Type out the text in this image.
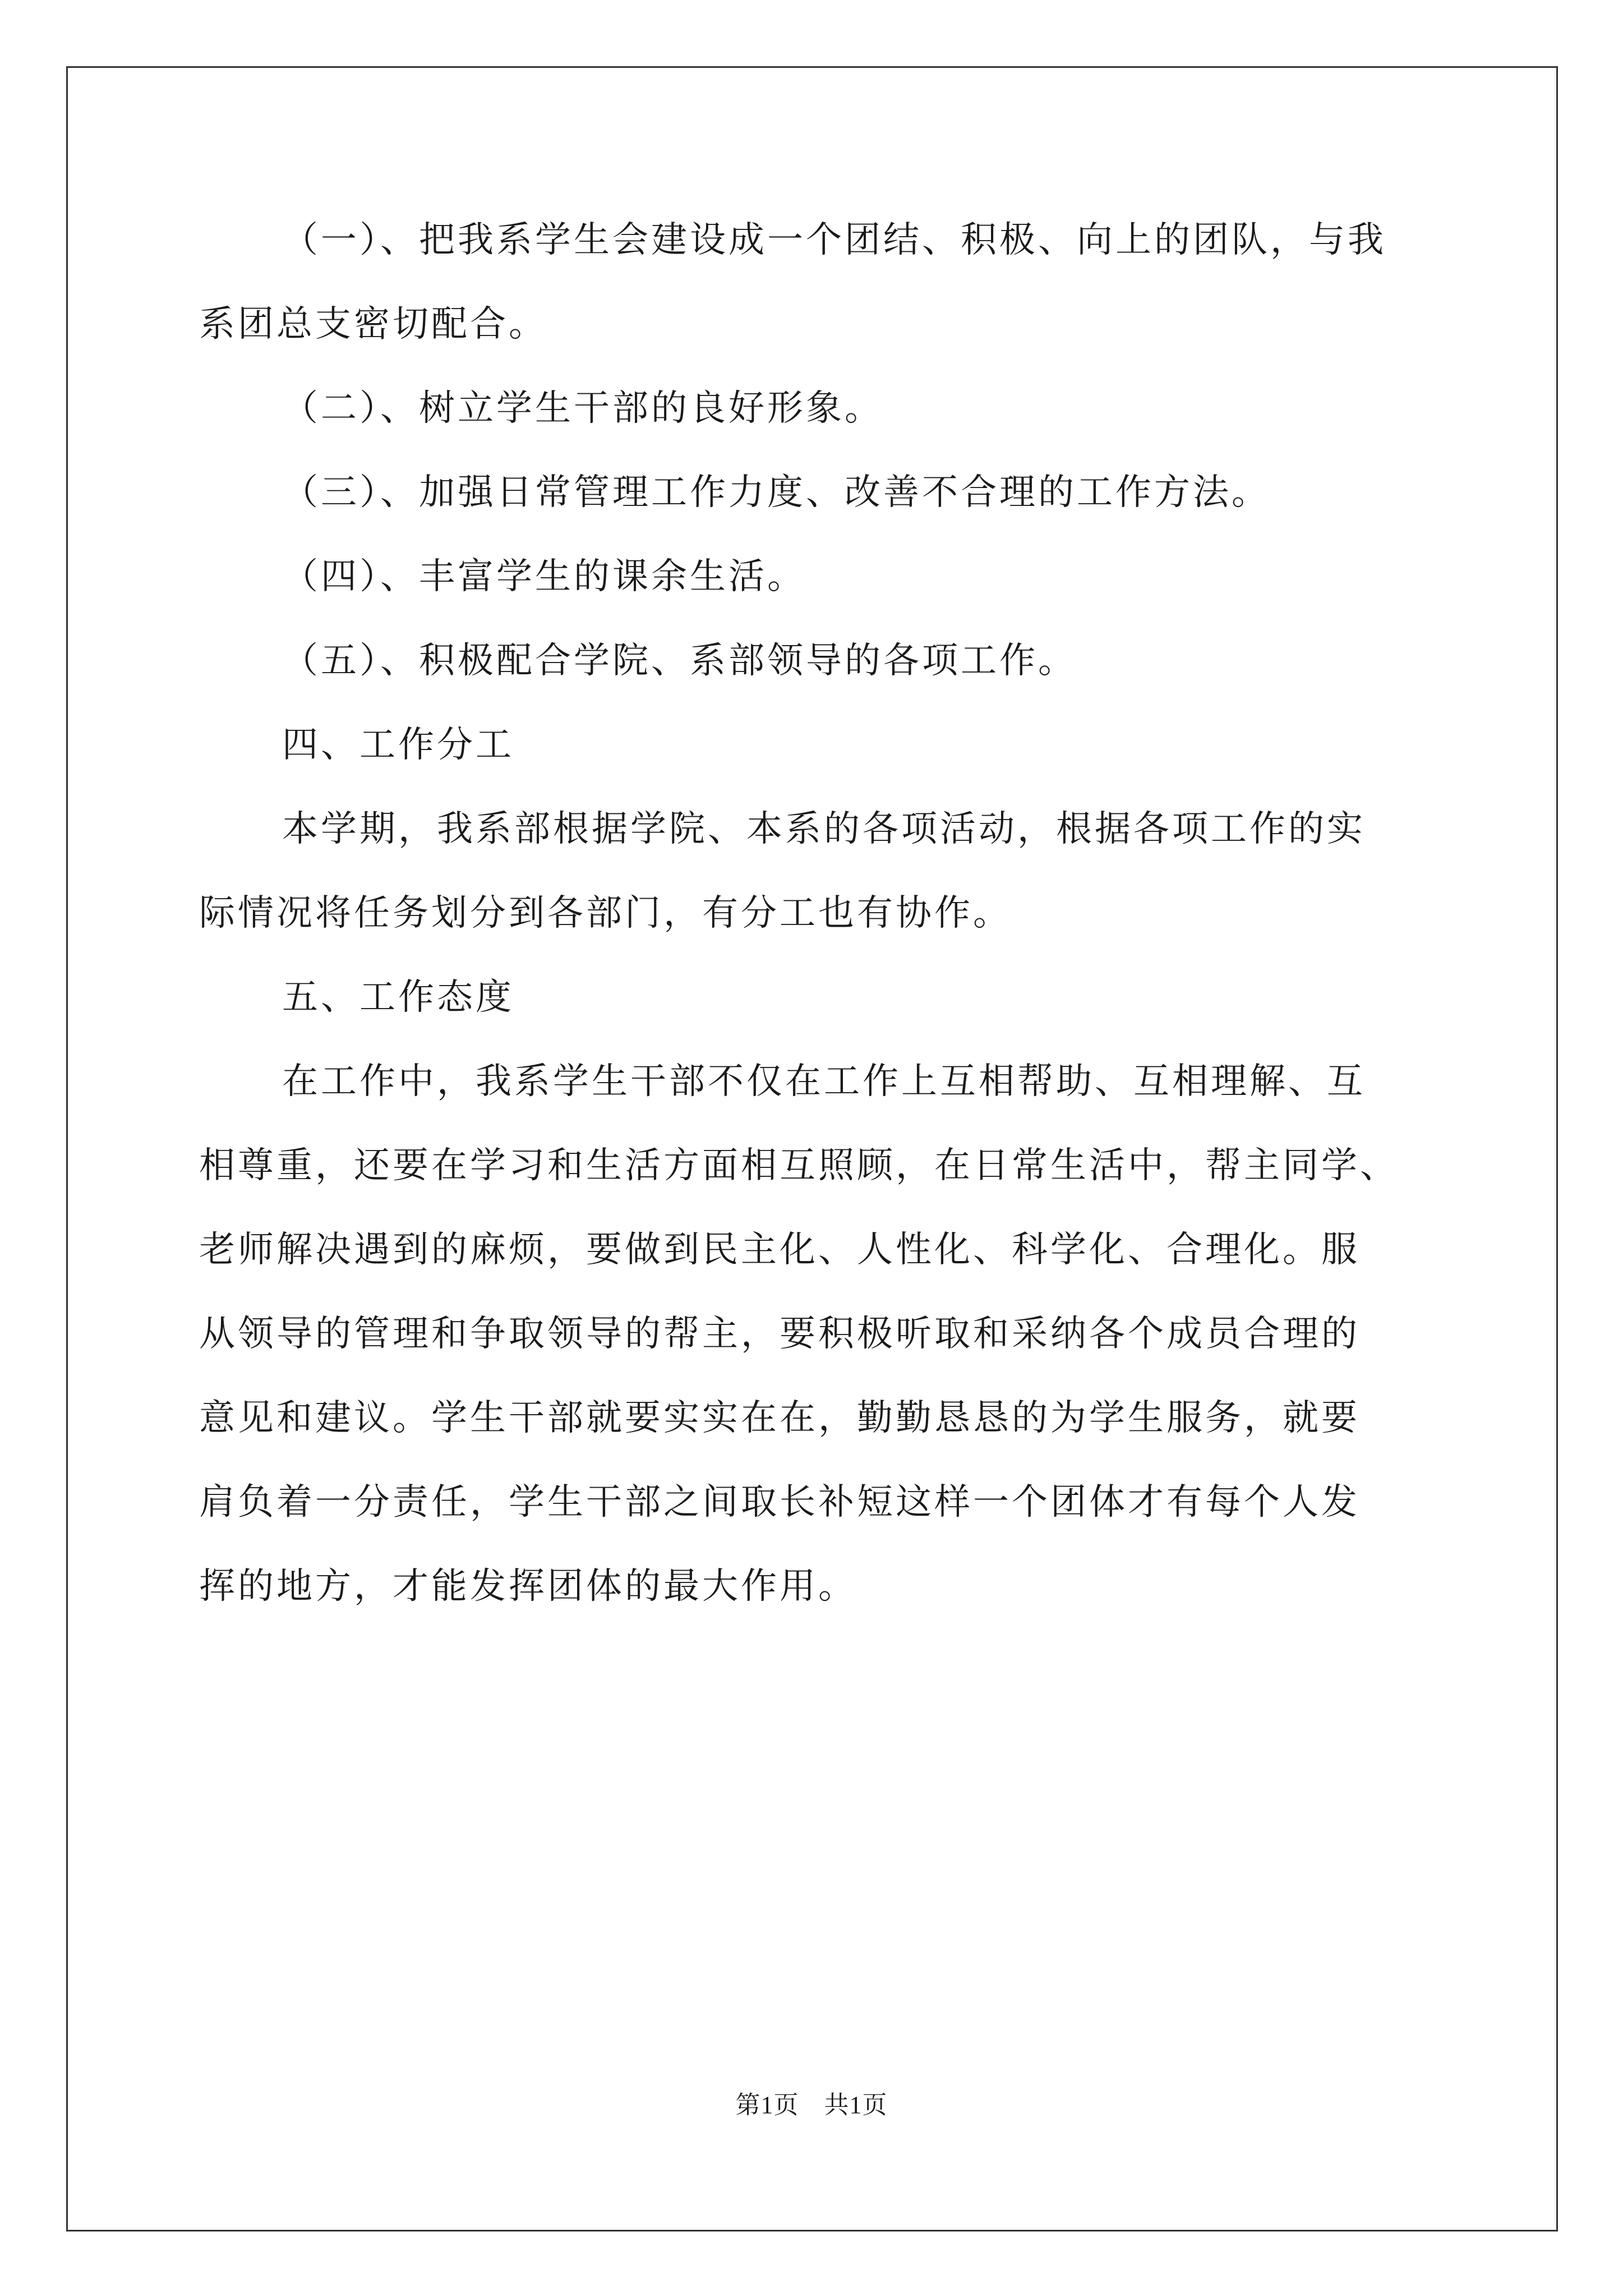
（一）、把我系学生会建设成一个团结、积极、向上的团队，与我
系团总支密切配合。
（二）、树立学生干部的良好形象。
（三）、加强日常管理工作力度、改善不合理的工作方法。
（四）、丰富学生的课余生活。
（五）、积极配合学院、系部领导的各项工作。
四、工作分工
本学期，我系部根据学院、本系的各项活动，根据各项工作的实
际情况将任务划分到各部门，有分工也有协作。
五、工作态度
在工作中，我系学生干部不仅在工作上互相帮助、互相理解、互
相尊重，还要在学习和生活方面相互照顾，在日常生活中，帮主同学、
老师解决遇到的麻烦，要做到民主化、人性化、科学化、合理化。服
从领导的管理和争取领导的帮主，要积极听取和采纳各个成员合理的
意见和建议。学生干部就要实实在在，勤勤恳恳的为学生服务，就要
肩负着一分责任，学生干部之间取长补短这样一个团体才有每个人发
挥的地方，才能发挥团体的最大作用。
第1页　共1页
